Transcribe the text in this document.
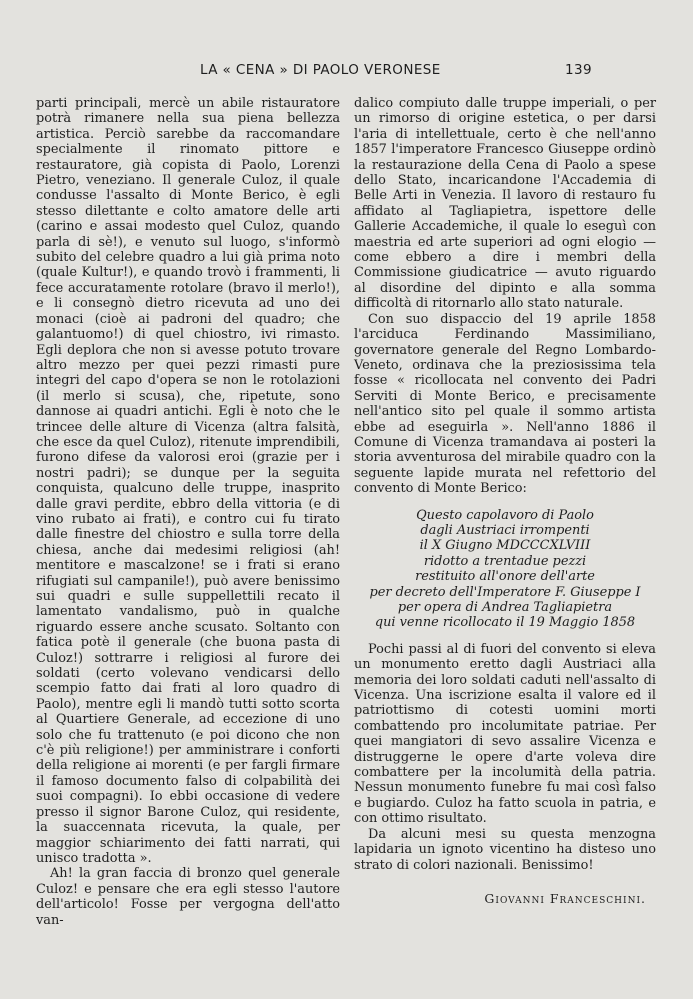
LA « CENA » DI PAOLO VERONESE	139

parti principali, mercè un abile ristauratore potrà rimanere nella sua piena bellezza artistica. Perciò sarebbe da raccomandare specialmente il rinomato pittore e restauratore, già copista di Paolo, Lorenzi Pietro, veneziano. Il generale Culoz, il quale condusse l'assalto di Monte Berico, è egli stesso dilettante e colto amatore delle arti (carino e assai modesto quel Culoz, quando parla di sè!), e venuto sul luogo, s'informò subito del celebre quadro a lui già prima noto (quale Kultur!), e quando trovò i frammenti, li fece accuratamente rotolare (bravo il merlo!), e li consegnò dietro ricevuta ad uno dei monaci (cioè ai padroni del quadro; che galantuomo!) di quel chiostro, ivi rimasto. Egli deplora che non si avesse potuto trovare altro mezzo per quei pezzi rimasti pure integri del capo d'opera se non le rotolazioni (il merlo si scusa), che, ripetute, sono dannose ai quadri antichi. Egli è noto che le trincee delle alture di Vicenza (altra falsità, che esce da quel Culoz), ritenute imprendibili, furono difese da valorosi eroi (grazie per i nostri padri); se dunque per la seguita conquista, qualcuno delle truppe, inasprito dalle gravi perdite, ebbro della vittoria (e di vino rubato ai frati), e contro cui fu tirato dalle finestre del chiostro e sulla torre della chiesa, anche dai medesimi religiosi (ah! mentitore e mascalzone! se i frati si erano rifugiati sul campanile!), può avere benissimo sui quadri e sulle suppellettili recato il lamentato vandalismo, può in qualche riguardo essere anche scusato. Soltanto con fatica potè il generale (che buona pasta di Culoz!) sottrarre i religiosi al furore dei soldati (certo volevano vendicarsi dello scempio fatto dai frati al loro quadro di Paolo), mentre egli li mandò tutti sotto scorta al Quartiere Generale, ad eccezione di uno solo che fu trattenuto (e poi dicono che non c'è più religione!) per amministrare i conforti della religione ai morenti (e per fargli firmare il famoso documento falso di colpabilità dei suoi compagni). Io ebbi occasione di vedere presso il signor Barone Culoz, qui residente, la suaccennata ricevuta, la quale, per maggior schiarimento dei fatti narrati, qui unisco tradotta ».

Ah! la gran faccia di bronzo quel generale Culoz! e pensare che era egli stesso l'autore dell'articolo! Fosse per vergogna dell'atto van-

dalico compiuto dalle truppe imperiali, o per un rimorso di origine estetica, o per darsi l'aria di intellettuale, certo è che nell'anno 1857 l'imperatore Francesco Giuseppe ordinò la restaurazione della Cena di Paolo a spese dello Stato, incaricandone l'Accademia di Belle Arti in Venezia. Il lavoro di restauro fu affidato al Tagliapietra, ispettore delle Gallerie Accademiche, il quale lo eseguì con maestria ed arte superiori ad ogni elogio — come ebbero a dire i membri della Commissione giudicatrice — avuto riguardo al disordine del dipinto e alla somma difficoltà di ritornarlo allo stato naturale.

Con suo dispaccio del 19 aprile 1858 l'arciduca Ferdinando Massimiliano, governatore generale del Regno Lombardo-Veneto, ordinava che la preziosissima tela fosse « ricollocata nel convento dei Padri Serviti di Monte Berico, e precisamente nell'antico sito pel quale il sommo artista ebbe ad eseguirla ». Nell'anno 1886 il Comune di Vicenza tramandava ai posteri la storia avventurosa del mirabile quadro con la seguente lapide murata nel refettorio del convento di Monte Berico:

Questo capolavoro di Paolo
dagli Austriaci irrompenti
il X Giugno MDCCCXLVIII
ridotto a trentadue pezzi
restituito all'onore dell'arte
per decreto dell'Imperatore F. Giuseppe I
per opera di Andrea Tagliapietra
qui venne ricollocato il 19 Maggio 1858

Pochi passi al di fuori del convento si eleva un monumento eretto dagli Austriaci alla memoria dei loro soldati caduti nell'assalto di Vicenza. Una iscrizione esalta il valore ed il patriottismo di cotesti uomini morti combattendo pro incolumitate patriae. Per quei mangiatori di sevo assalire Vicenza e distruggerne le opere d'arte voleva dire combattere per la incolumità della patria. Nessun monumento funebre fu mai così falso e bugiardo. Culoz ha fatto scuola in patria, e con ottimo risultato.

Da alcuni mesi su questa menzogna lapidaria un ignoto vicentino ha disteso uno strato di colori nazionali. Benissimo!

Giovanni Franceschini.
